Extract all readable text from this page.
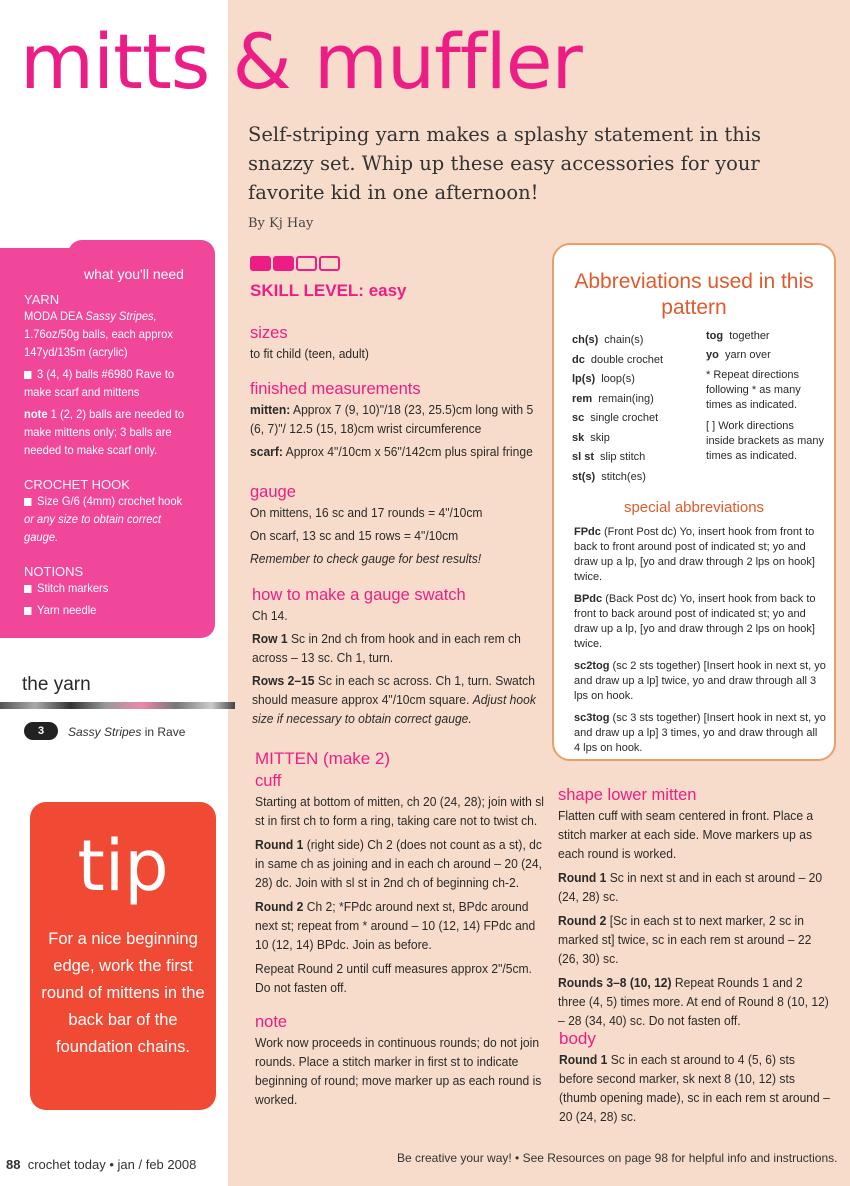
mitts & muffler
Self-striping yarn makes a splashy statement in this snazzy set. Whip up these easy accessories for your favorite kid in one afternoon!
By Kj Hay

SKILL LEVEL: easy

sizes

to fit child (teen, adult)

finished measurements

mitten: Approx 7 (9, 10)"/18 (23, 25.5)cm long with 5 (6, 7)"/ 12.5 (15, 18)cm wrist circumference

scarf: Approx 4"/10cm x 56"/142cm plus spiral fringe

gauge

On mittens, 16 sc and 17 rounds = 4"/10cm

On scarf, 13 sc and 15 rows = 4"/10cm

Remember to check gauge for best results!

how to make a gauge swatch

Ch 14.

Row 1 Sc in 2nd ch from hook and in each rem ch across – 13 sc. Ch 1, turn.

Rows 2–15 Sc in each sc across. Ch 1, turn. Swatch should measure approx 4"/10cm square. Adjust hook size if necessary to obtain correct gauge.

MITTEN (make 2)

cuff

Starting at bottom of mitten, ch 20 (24, 28); join with sl st in first ch to form a ring, taking care not to twist ch.

Round 1 (right side) Ch 2 (does not count as a st), dc in same ch as joining and in each ch around – 20 (24, 28) dc. Join with sl st in 2nd ch of beginning ch-2.

Round 2 Ch 2; *FPdc around next st, BPdc around next st; repeat from * around – 10 (12, 14) FPdc and 10 (12, 14) BPdc. Join as before.

Repeat Round 2 until cuff measures approx 2"/5cm. Do not fasten off.

note

Work now proceeds in continuous rounds; do not join rounds. Place a stitch marker in first st to indicate beginning of round; move marker up as each round is worked.

shape lower mitten

Flatten cuff with seam centered in front. Place a stitch marker at each side. Move markers up as each round is worked.

Round 1 Sc in next st and in each st around – 20 (24, 28) sc.

Round 2 [Sc in each st to next marker, 2 sc in marked st] twice, sc in each rem st around – 22 (26, 30) sc.

Rounds 3–8 (10, 12) Repeat Rounds 1 and 2 three (4, 5) times more. At end of Round 8 (10, 12) – 28 (34, 40) sc. Do not fasten off.

body

Round 1 Sc in each st around to 4 (5, 6) sts before second marker, sk next 8 (10, 12) sts (thumb opening made), sc in each rem st around – 20 (24, 28) sc.

Abbreviations used in this pattern
ch(s) chain(s)
dc double crochet
lp(s) loop(s)
rem remain(ing)
sc single crochet
sk skip
sl st slip stitch
st(s) stitch(es)
tog together
yo yarn over
* Repeat directions following * as many times as indicated.
[ ] Work directions inside brackets as many times as indicated.
special abbreviations

FPdc (Front Post dc) Yo, insert hook from front to back to front around post of indicated st; yo and draw up a lp, [yo and draw through 2 lps on hook] twice.

BPdc (Back Post dc) Yo, insert hook from back to front to back around post of indicated st; yo and draw up a lp, [yo and draw through 2 lps on hook] twice.

sc2tog (sc 2 sts together) [Insert hook in next st, yo and draw up a lp] twice, yo and draw through all 3 lps on hook.

sc3tog (sc 3 sts together) [Insert hook in next st, yo and draw up a lp] 3 times, yo and draw through all 4 lps on hook.

YARN

MODA DEA Sassy Stripes,

1.76oz/50g balls, each approx 147yd/135m (acrylic)

3 (4, 4) balls #6980 Rave to make scarf and mittens

note 1 (2, 2) balls are needed to make mittens only; 3 balls are needed to make scarf only.

CROCHET HOOK

Size G/6 (4mm) crochet hook or any size to obtain correct gauge.

NOTIONS

Stitch markers

Yarn needle

what you'll need
the yarn
3	Sassy Stripes in Rave
tip
For a nice beginning edge, work the first round of mittens in the back bar of the foundation chains.
88 crochet today • jan / feb 2008	Be creative your way! • See Resources on page 98 for helpful info and instructions.
